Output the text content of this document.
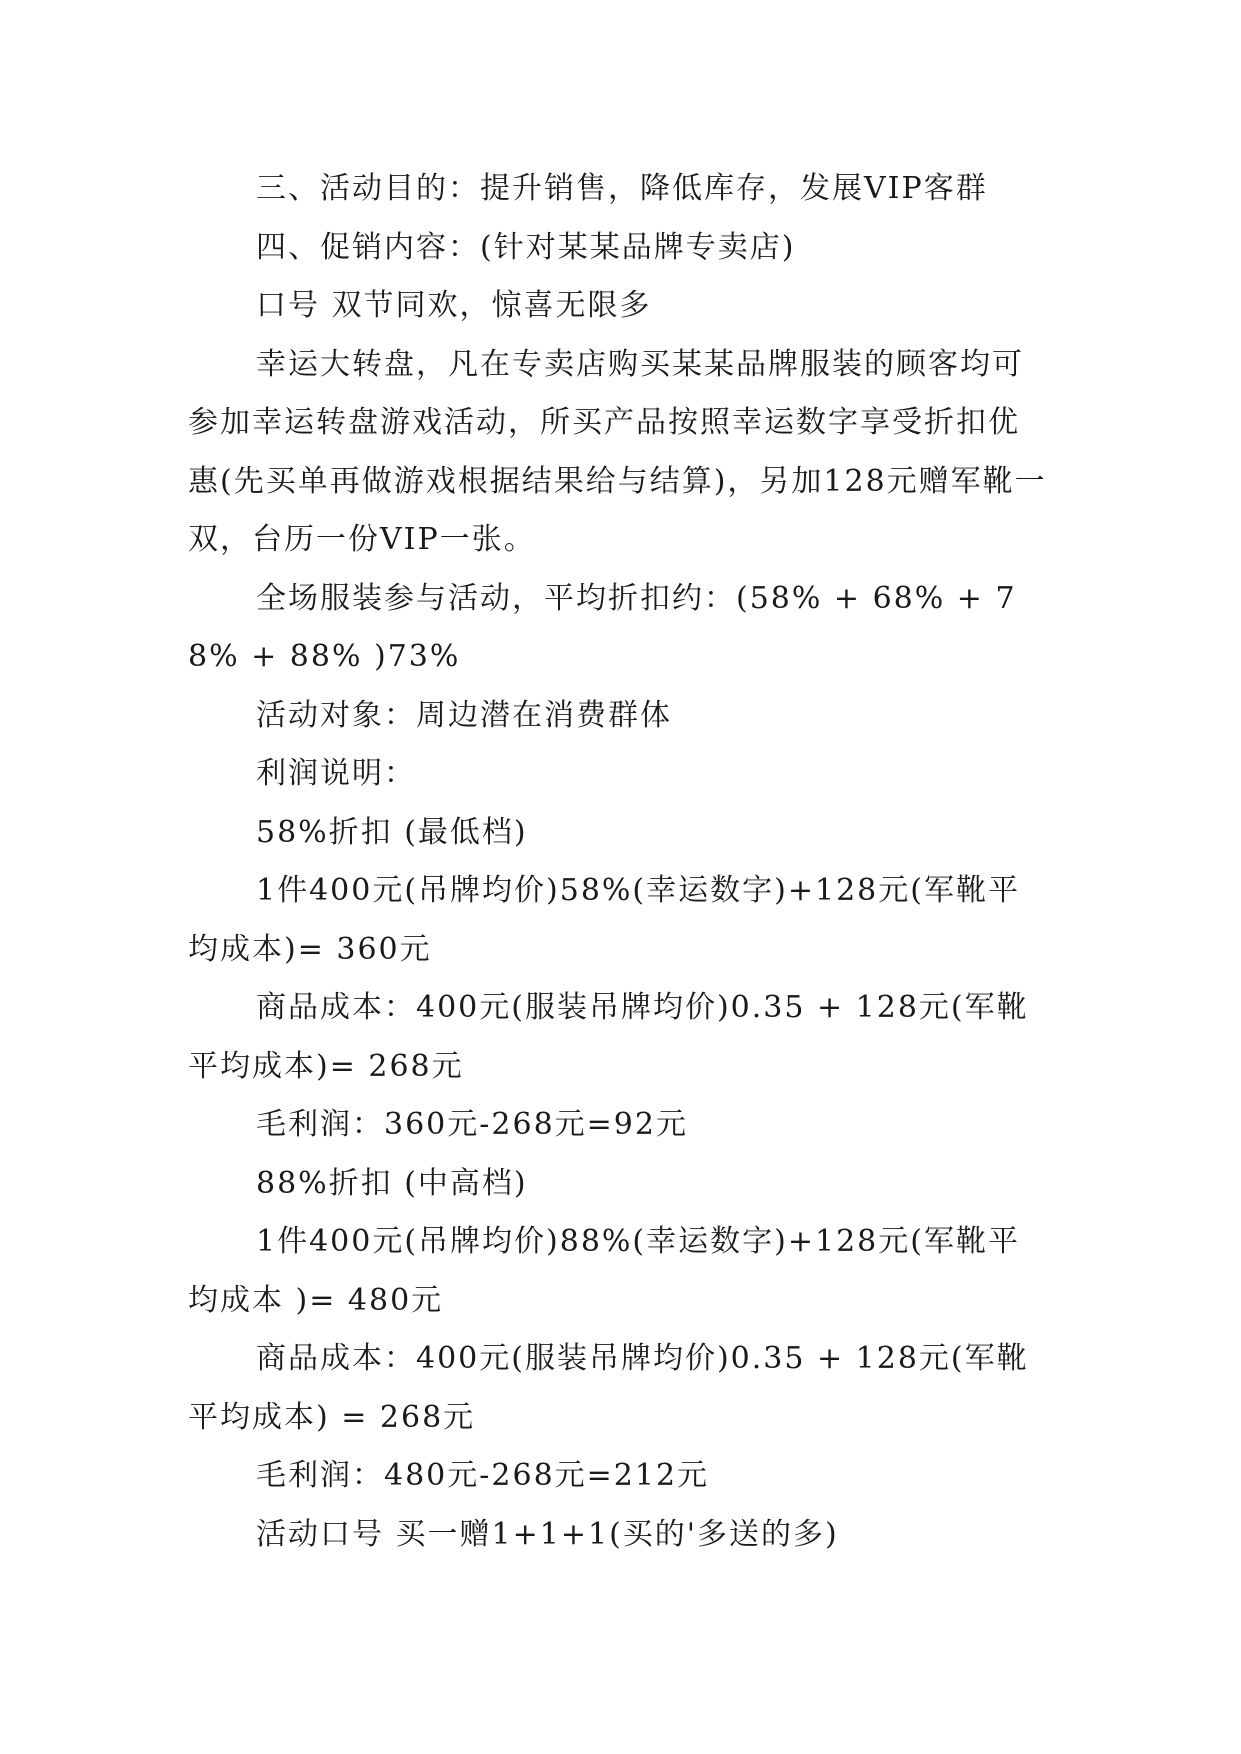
三、活动目的：提升销售，降低库存，发展VIP客群

四、促销内容：(针对某某品牌专卖店)

口号 双节同欢，惊喜无限多

幸运大转盘，凡在专卖店购买某某品牌服装的顾客均可参加幸运转盘游戏活动，所买产品按照幸运数字享受折扣优惠(先买单再做游戏根据结果给与结算)，另加128元赠军靴一双，台历一份VIP一张。

全场服装参与活动，平均折扣约：(58% + 68% + 78% + 88% )73%

活动对象：周边潜在消费群体

利润说明：

58%折扣 (最低档)

1件400元(吊牌均价)58%(幸运数字)+128元(军靴平均成本)= 360元

商品成本：400元(服装吊牌均价)0.35 + 128元(军靴平均成本)= 268元

毛利润：360元-268元=92元

88%折扣 (中高档)

1件400元(吊牌均价)88%(幸运数字)+128元(军靴平均成本 )= 480元

商品成本：400元(服装吊牌均价)0.35 + 128元(军靴平均成本) = 268元

毛利润：480元-268元=212元

活动口号 买一赠1+1+1(买的'多送的多)
